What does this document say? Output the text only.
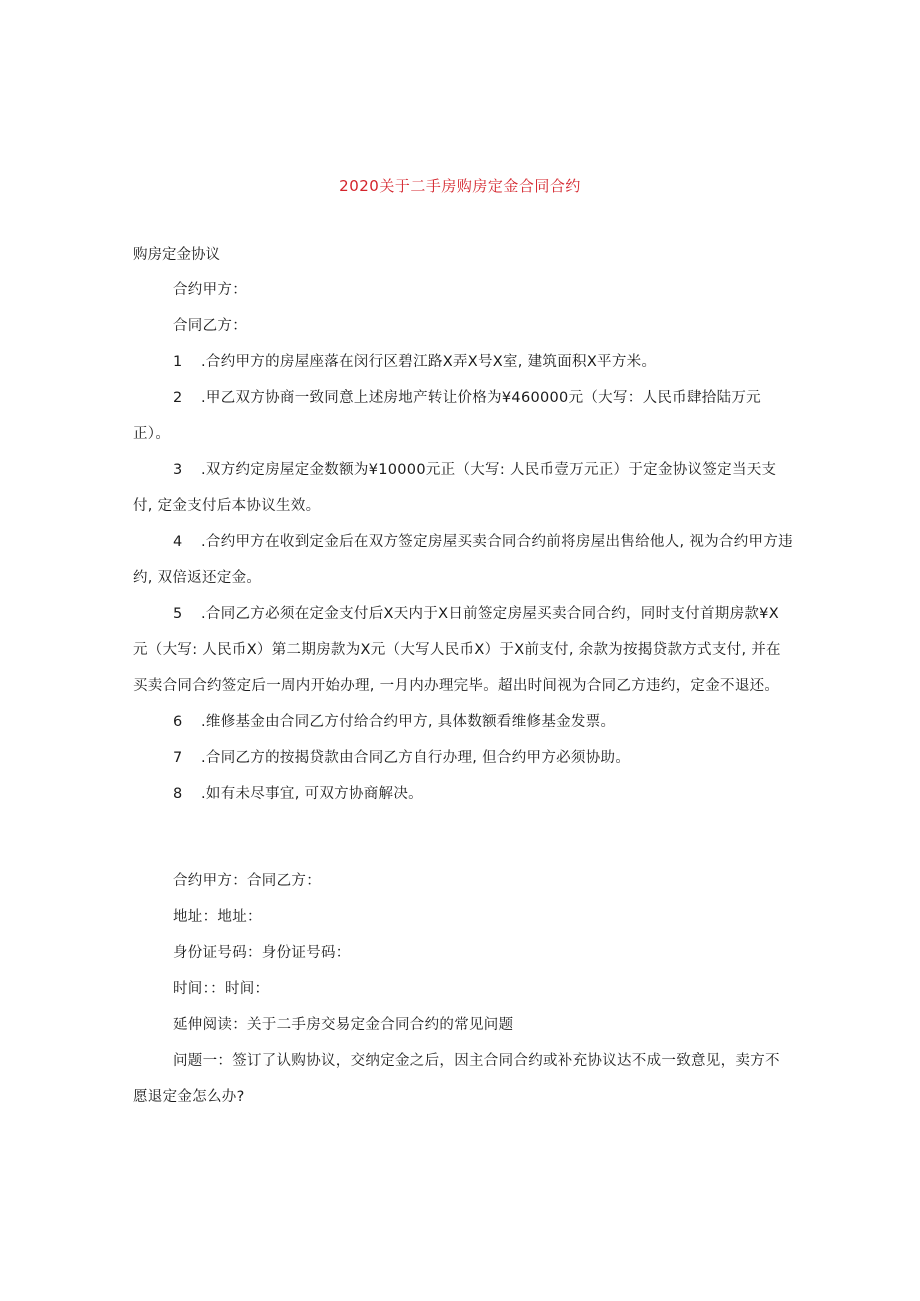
2020关于二手房购房定金合同合约
购房定金协议

合约甲方：

合同乙方：

1 .合约甲方的房屋座落在闵行区碧江路X弄X号X室, 建筑面积X平方米。

2 .甲乙双方协商一致同意上述房地产转让价格为¥460000元（大写：人民币肆拾陆万元正）。

3 .双方约定房屋定金数额为¥10000元正（大写: 人民币壹万元正）于定金协议签定当天支付, 定金支付后本协议生效。

4 .合约甲方在收到定金后在双方签定房屋买卖合同合约前将房屋出售给他人, 视为合约甲方违约, 双倍返还定金。

5 .合同乙方必须在定金支付后X天内于X日前签定房屋买卖合同合约，同时支付首期房款¥X元（大写: 人民币X）第二期房款为X元（大写人民币X）于X前支付, 余款为按揭贷款方式支付, 并在买卖合同合约签定后一周内开始办理, 一月内办理完毕。超出时间视为合同乙方违约，定金不退还。

6 .维修基金由合同乙方付给合约甲方, 具体数额看维修基金发票。

7 .合同乙方的按揭贷款由合同乙方自行办理, 但合约甲方必须协助。

8 .如有未尽事宜, 可双方协商解决。

合约甲方：合同乙方：

地址：地址：

身份证号码：身份证号码：

时间：：时间：

延伸阅读：关于二手房交易定金合同合约的常见问题

问题一：签订了认购协议，交纳定金之后，因主合同合约或补充协议达不成一致意见，卖方不愿退定金怎么办?
